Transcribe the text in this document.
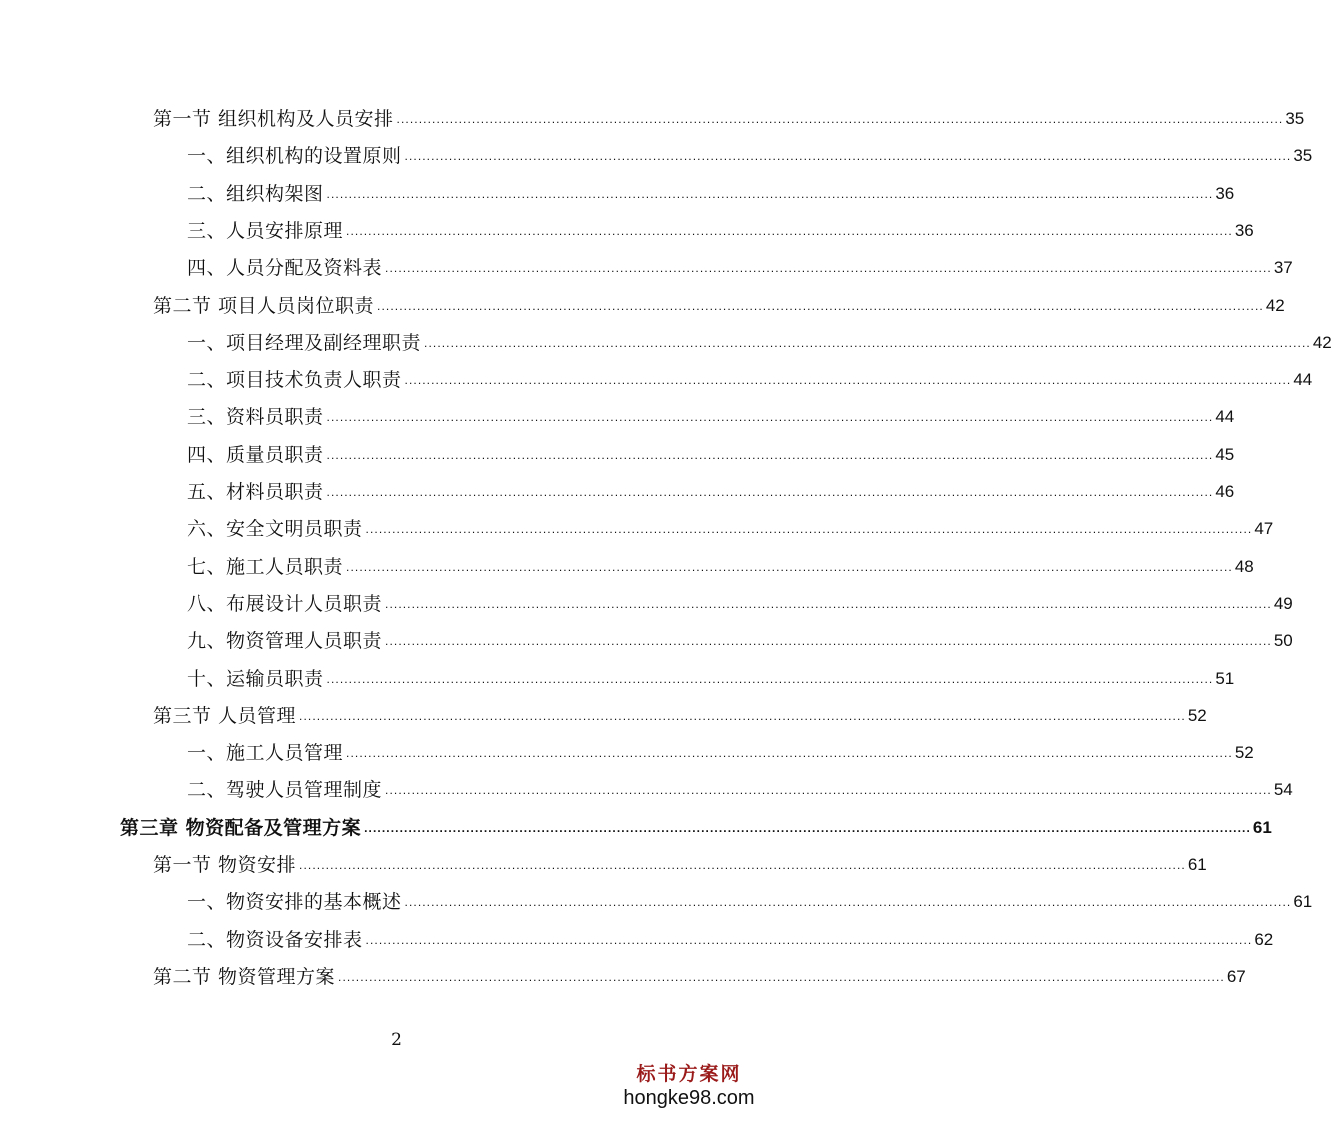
第一节 组织机构及人员安排 ........................................................................................................................................................................................................ 35
一、组织机构的设置原则 ........................................................................................................................................................................................................ 35
二、组织构架图 ........................................................................................................................................................................................................ 36
三、人员安排原理 ........................................................................................................................................................................................................ 36
四、人员分配及资料表 ........................................................................................................................................................................................................ 37
第二节 项目人员岗位职责 ........................................................................................................................................................................................................ 42
一、项目经理及副经理职责 ........................................................................................................................................................................................................ 42
二、项目技术负责人职责 ........................................................................................................................................................................................................ 44
三、资料员职责 ........................................................................................................................................................................................................ 44
四、质量员职责 ........................................................................................................................................................................................................ 45
五、材料员职责 ........................................................................................................................................................................................................ 46
六、安全文明员职责 ........................................................................................................................................................................................................ 47
七、施工人员职责 ........................................................................................................................................................................................................ 48
八、布展设计人员职责 ........................................................................................................................................................................................................ 49
九、物资管理人员职责 ........................................................................................................................................................................................................ 50
十、运输员职责 ........................................................................................................................................................................................................ 51
第三节 人员管理 ........................................................................................................................................................................................................ 52
一、施工人员管理 ........................................................................................................................................................................................................ 52
二、驾驶人员管理制度 ........................................................................................................................................................................................................ 54
第三章 物资配备及管理方案 ........................................................................................................................................................................................................ 61
第一节 物资安排 ........................................................................................................................................................................................................ 61
一、物资安排的基本概述 ........................................................................................................................................................................................................ 61
二、物资设备安排表 ........................................................................................................................................................................................................ 62
第二节 物资管理方案 ........................................................................................................................................................................................................ 67
2
标书方案网
hongke98.com
